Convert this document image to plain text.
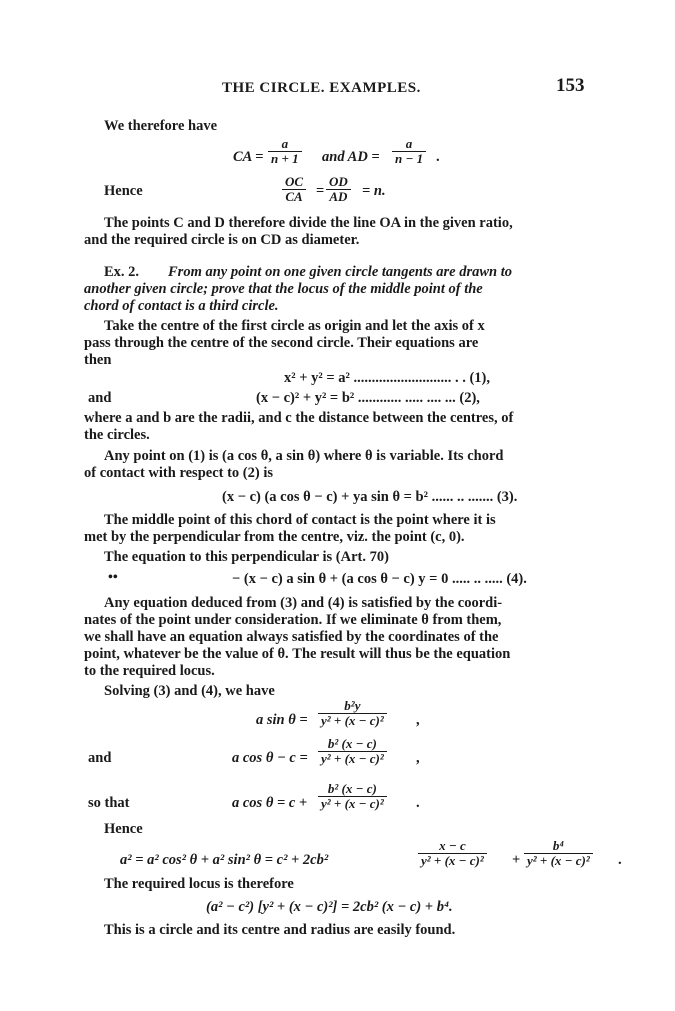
THE CIRCLE. EXAMPLES.	153
We therefore have
CA =
a
n + 1 and AD =
a
n − 1 .
Hence
OC
CA =
OD
AD = n.
The points C and D therefore divide the line OA in the given ratio,
and the required circle is on CD as diameter.
Ex. 2. From any point on one given circle tangents are drawn to
another given circle; prove that the locus of the middle point of the
chord of contact is a third circle.
Take the centre of the first circle as origin and let the axis of x
pass through the centre of the second circle. Their equations are
then
x² + y² = a² ........................... . . (1),
and	(x − c)² + y² = b² ............ ..... .... ... (2),
where a and b are the radii, and c the distance between the centres, of
the circles.
Any point on (1) is (a cos θ, a sin θ) where θ is variable. Its chord
of contact with respect to (2) is
(x − c) (a cos θ − c) + ya sin θ = b² ...... .. ....... (3).
The middle point of this chord of contact is the point where it is
met by the perpendicular from the centre, viz. the point (c, 0).
The equation to this perpendicular is (Art. 70)
••	− (x − c) a sin θ + (a cos θ − c) y = 0 ..... .. ..... (4).
Any equation deduced from (3) and (4) is satisfied by the coordi-
nates of the point under consideration. If we eliminate θ from them,
we shall have an equation always satisfied by the coordinates of the
point, whatever be the value of θ. The result will thus be the equation
to the required locus.
Solving (3) and (4), we have
a sin θ =
b²y
y² + (x − c)² ,
and	a cos θ − c =
b² (x − c)
y² + (x − c)² ,
so that	a cos θ = c +
b² (x − c)
y² + (x − c)² .
Hence
a² = a² cos² θ + a² sin² θ = c² + 2cb²
x − c
y² + (x − c)² +
b⁴
y² + (x − c)² .
The required locus is therefore
(a² − c²) [y² + (x − c)²] = 2cb² (x − c) + b⁴.
This is a circle and its centre and radius are easily found.
